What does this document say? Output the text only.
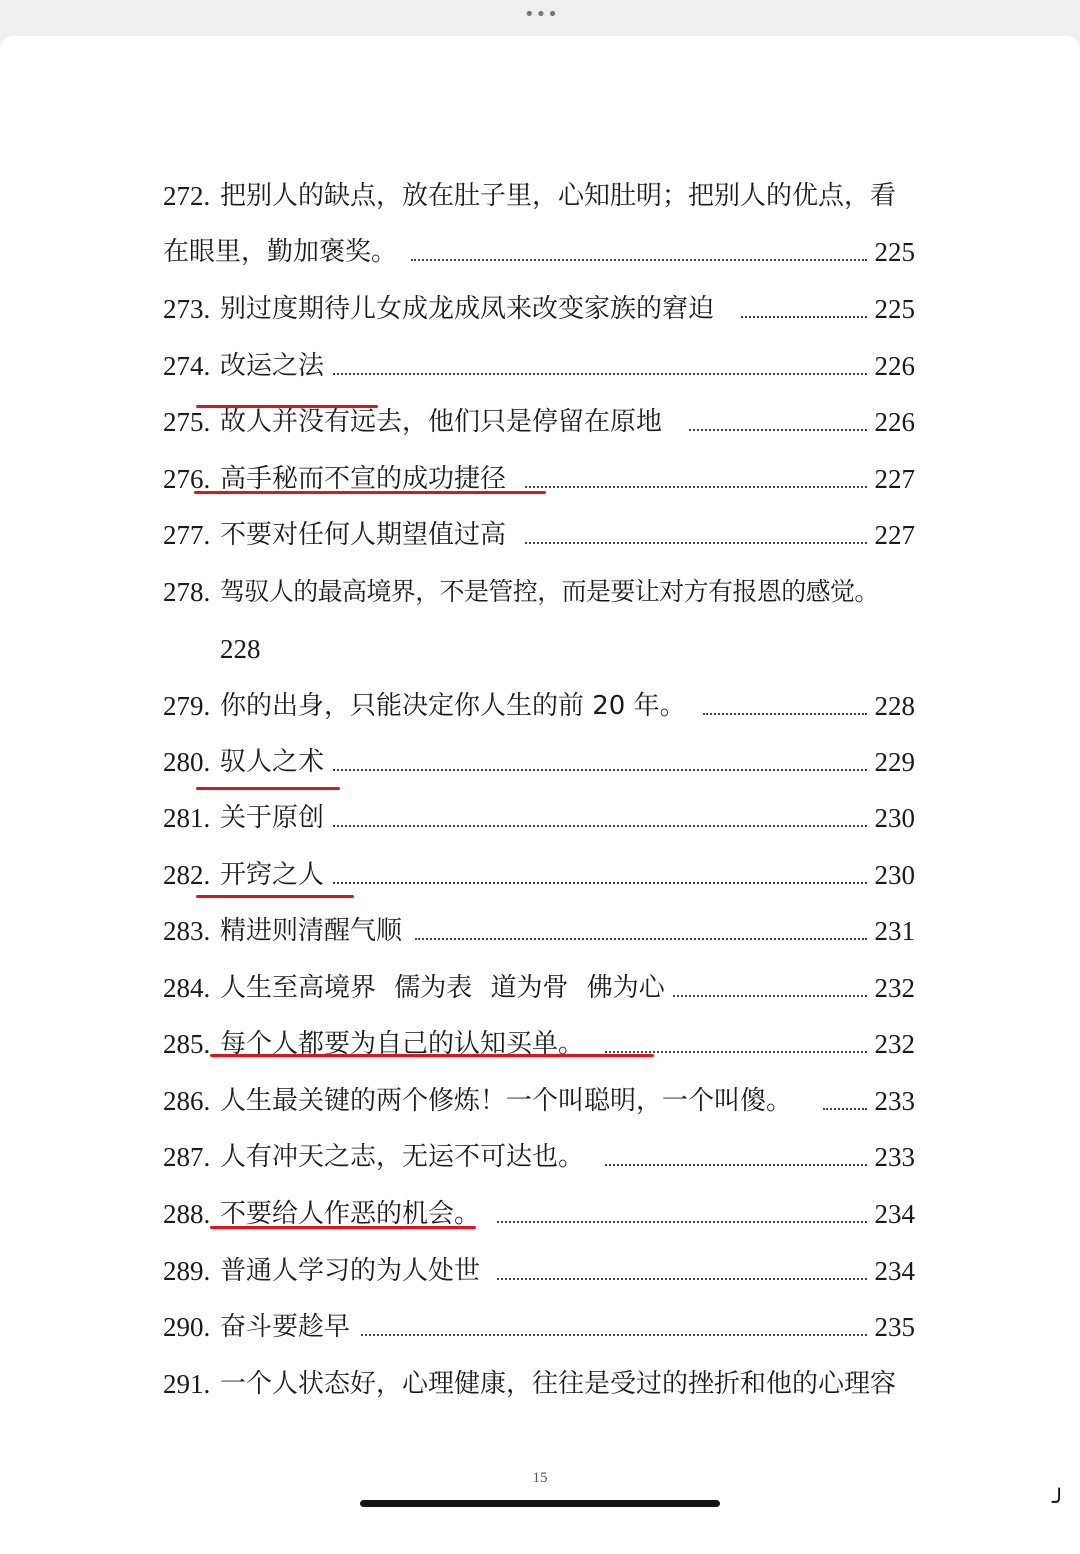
•••
272. 把别人的缺点，放在肚子里，心知肚明；把别人的优点，看
在眼里，勤加褒奖。	225
273. 别过度期待儿女成龙成凤来改变家族的窘迫	225
274. 改运之法	226
275. 故人并没有远去，他们只是停留在原地	226
276. 高手秘而不宣的成功捷径	227
277. 不要对任何人期望值过高	227
278. 驾驭人的最高境界，不是管控，而是要让对方有报恩的感觉。
228
279. 你的出身，只能决定你人生的前 20 年。	228
280. 驭人之术	229
281. 关于原创	230
282. 开窍之人	230
283. 精进则清醒气顺	231
284. 人生至高境界 儒为表 道为骨 佛为心	232
285. 每个人都要为自己的认知买单。	232
286. 人生最关键的两个修炼！一个叫聪明，一个叫傻。	233
287. 人有冲天之志，无运不可达也。	233
288. 不要给人作恶的机会。	234
289. 普通人学习的为人处世	234
290. 奋斗要趁早	235
291. 一个人状态好，心理健康，往往是受过的挫折和他的心理容
15
╯
